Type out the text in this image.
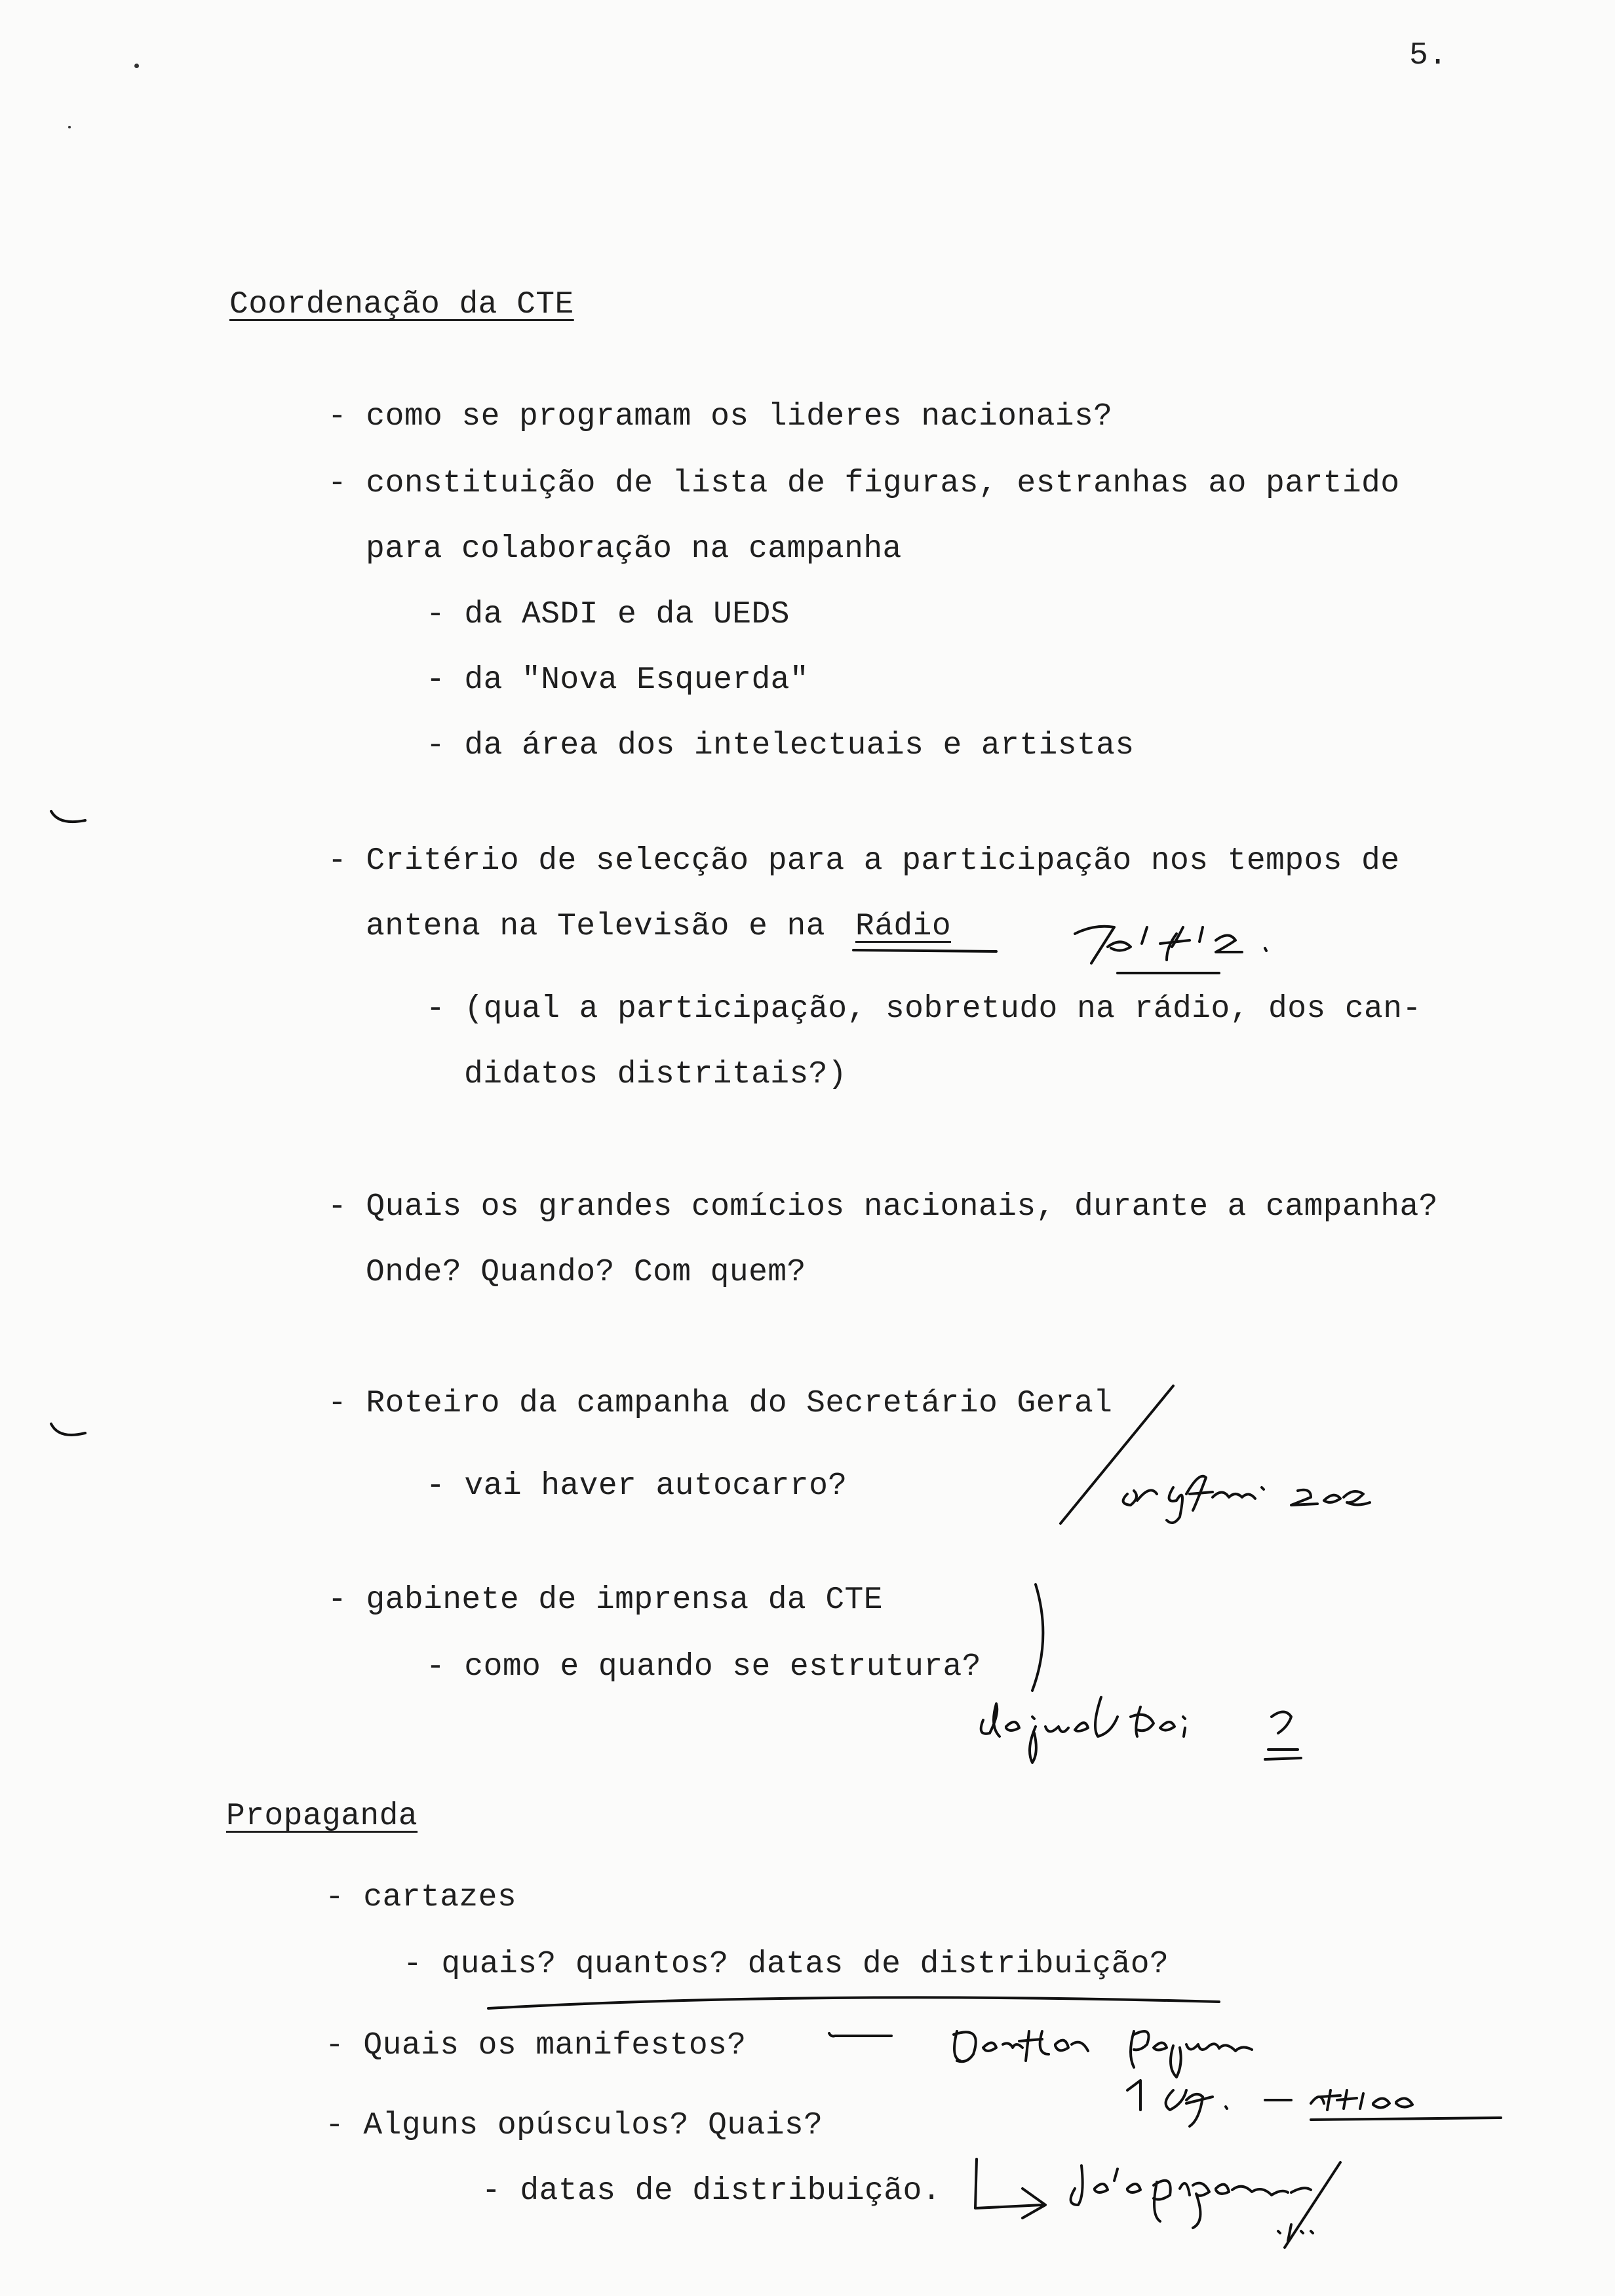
5.
Coordenação da CTE
- como se programam os lideres nacionais?
- constituição de lista de figuras, estranhas ao partido
para colaboração na campanha
- da ASDI e da UEDS
- da "Nova Esquerda"
- da área dos intelectuais e artistas
- Critério de selecção para a participação nos tempos de
antena na Televisão e na Rádio
- (qual a participação, sobretudo na rádio, dos can-
didatos distritais?)
- Quais os grandes comícios nacionais, durante a campanha?
Onde? Quando? Com quem?
- Roteiro da campanha do Secretário Geral
- vai haver autocarro?
- gabinete de imprensa da CTE
- como e quando se estrutura?
Propaganda
- cartazes
- quais? quantos? datas de distribuição?
- Quais os manifestos?
- Alguns opúsculos? Quais?
- datas de distribuição.
